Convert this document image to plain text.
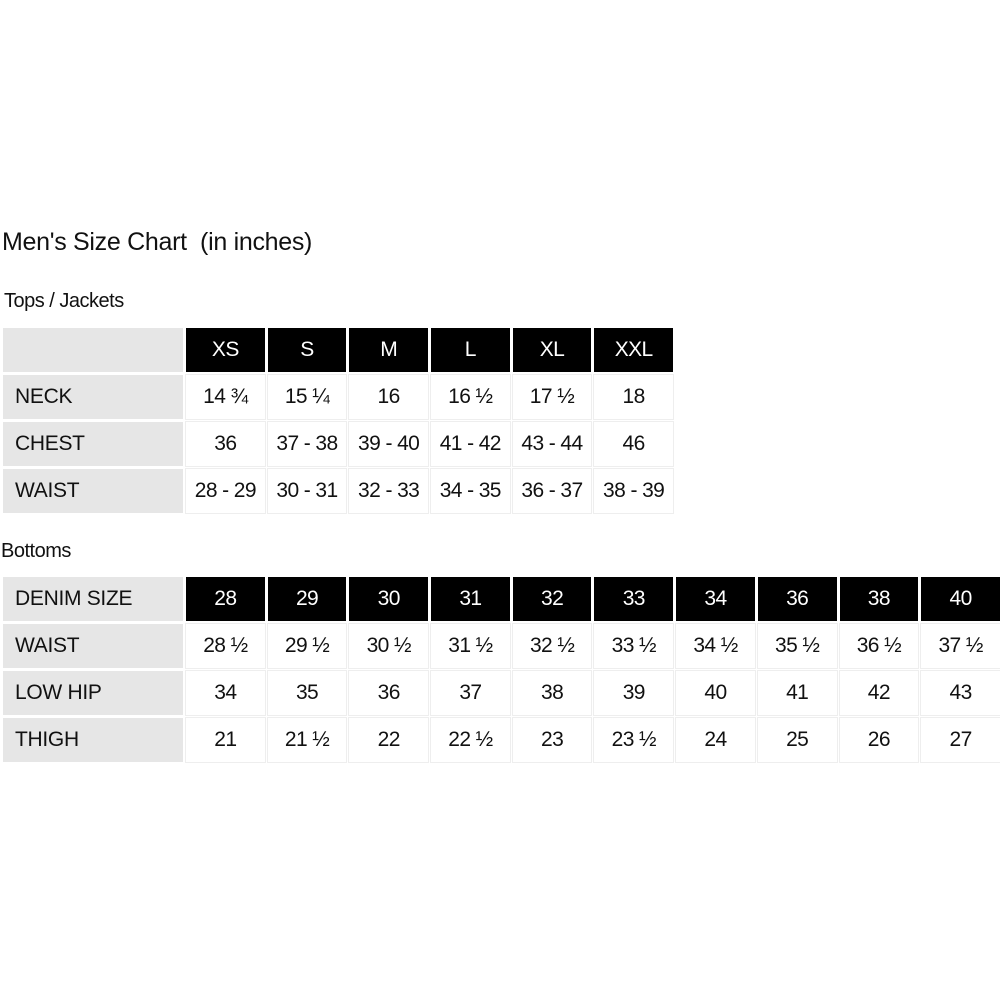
Men's Size Chart  (in inches)
Tops / Jackets
	XS	S	M	L	XL	XXL
NECK	14 ¾	15 ¼	16	16 ½	17 ½	18
CHEST	36	37 - 38	39 - 40	41 - 42	43 - 44	46
WAIST	28 - 29	30 - 31	32 - 33	34 - 35	36 - 37	38 - 39
Bottoms
DENIM SIZE	28	29	30	31	32	33	34	36	38	40
WAIST	28 ½	29 ½	30 ½	31 ½	32 ½	33 ½	34 ½	35 ½	36 ½	37 ½
LOW HIP	34	35	36	37	38	39	40	41	42	43
THIGH	21	21 ½	22	22 ½	23	23 ½	24	25	26	27
